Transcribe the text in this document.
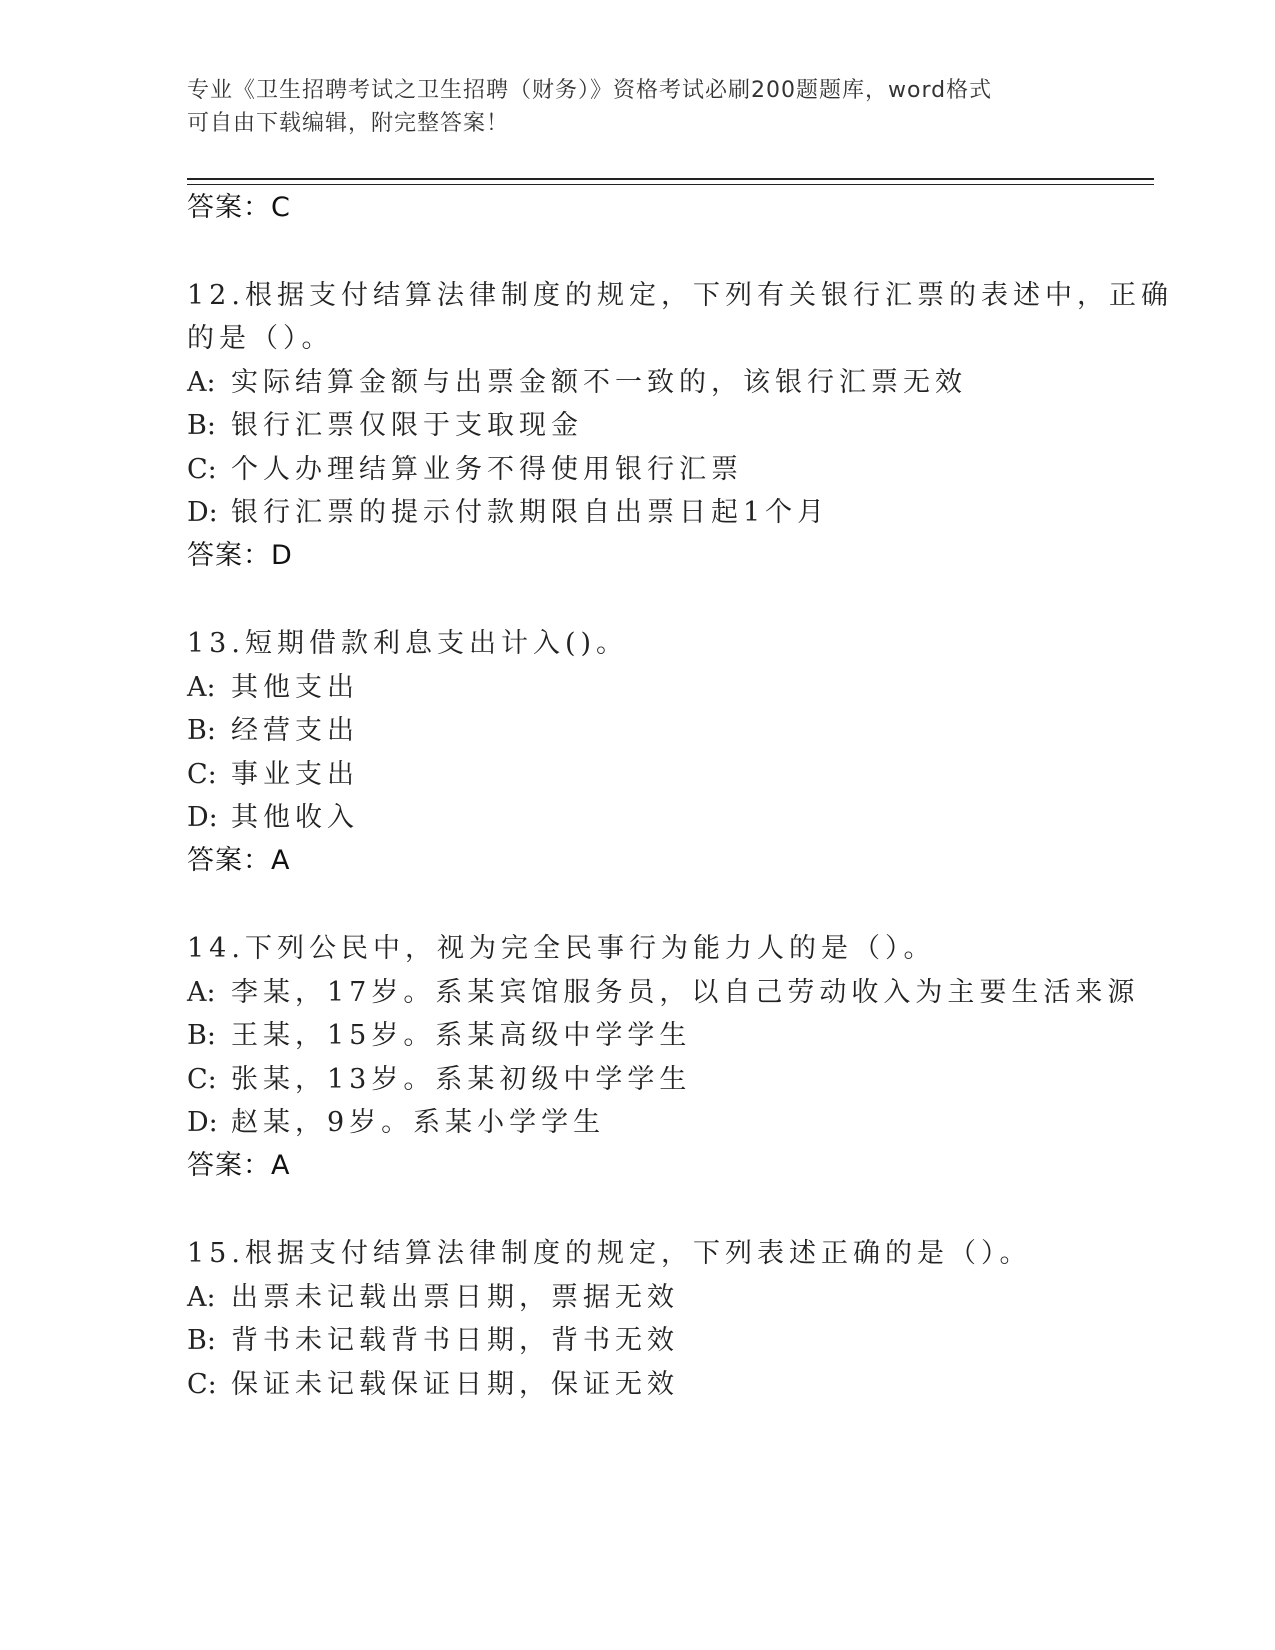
专业《卫生招聘考试之卫生招聘（财务）》资格考试必刷200题题库，word格式

可自由下载编辑，附完整答案！

答案：C

12.根据支付结算法律制度的规定，下列有关银行汇票的表述中，正确

的是（）。

A: 实际结算金额与出票金额不一致的，该银行汇票无效

B: 银行汇票仅限于支取现金

C: 个人办理结算业务不得使用银行汇票

D: 银行汇票的提示付款期限自出票日起1个月

答案：D

13.短期借款利息支出计入()。

A: 其他支出

B: 经营支出

C: 事业支出

D: 其他收入

答案：A

14.下列公民中，视为完全民事行为能力人的是（）。

A: 李某，17岁。系某宾馆服务员，以自己劳动收入为主要生活来源

B: 王某，15岁。系某高级中学学生

C: 张某，13岁。系某初级中学学生

D: 赵某，9岁。系某小学学生

答案：A

15.根据支付结算法律制度的规定，下列表述正确的是（）。

A: 出票未记载出票日期，票据无效

B: 背书未记载背书日期，背书无效

C: 保证未记载保证日期，保证无效
